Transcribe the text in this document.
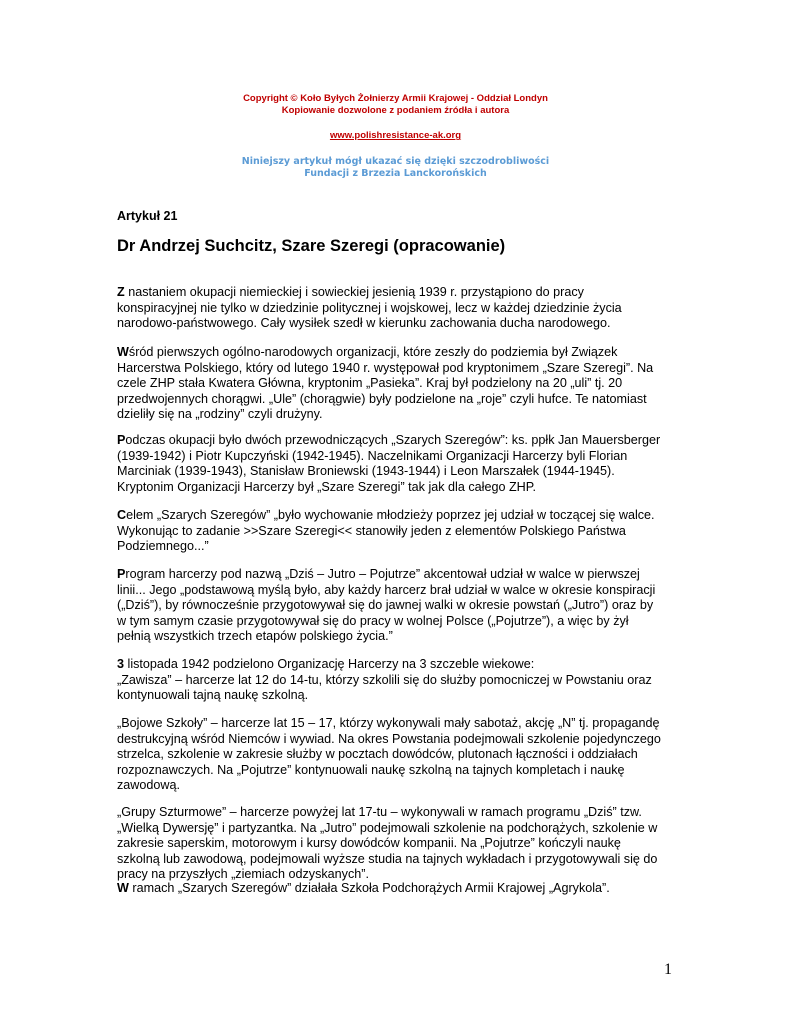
Copyright © Koło Byłych Żołnierzy Armii Krajowej - Oddział Londyn
Kopiowanie dozwolone z podaniem źródła i autora
www.polishresistance-ak.org
Niniejszy artykuł mógł ukazać się dzięki szczodrobliwości
Fundacji z Brzezia Lanckorońskich
Artykuł 21
Dr Andrzej Suchcitz, Szare Szeregi (opracowanie)

Z nastaniem okupacji niemieckiej i sowieckiej jesienią 1939 r. przystąpiono do pracy

konspiracyjnej nie tylko w dziedzinie politycznej i wojskowej, lecz w każdej dziedzinie życia

narodowo-państwowego. Cały wysiłek szedł w kierunku zachowania ducha narodowego.

Wśród pierwszych ogólno-narodowych organizacji, które zeszły do podziemia był Związek

Harcerstwa Polskiego, który od lutego 1940 r. występował pod kryptonimem „Szare Szeregi”. Na

czele ZHP stała Kwatera Główna, kryptonim „Pasieka”. Kraj był podzielony na 20 „uli” tj. 20

przedwojennych chorągwi. „Ule” (chorągwie) były podzielone na „roje” czyli hufce. Te natomiast

dzieliły się na „rodziny” czyli drużyny.

Podczas okupacji było dwóch przewodniczących „Szarych Szeregów”: ks. ppłk Jan Mauersberger

(1939-1942) i Piotr Kupczyński (1942-1945). Naczelnikami Organizacji Harcerzy byli Florian

Marciniak (1939-1943), Stanisław Broniewski (1943-1944) i Leon Marszałek (1944-1945).

Kryptonim Organizacji Harcerzy był „Szare Szeregi” tak jak dla całego ZHP.

Celem „Szarych Szeregów” „było wychowanie młodzieży poprzez jej udział w toczącej się walce.

Wykonując to zadanie >>Szare Szeregi<< stanowiły jeden z elementów Polskiego Państwa

Podziemnego...”

Program harcerzy pod nazwą „Dziś – Jutro – Pojutrze” akcentował udział w walce w pierwszej

linii... Jego „podstawową myślą było, aby każdy harcerz brał udział w walce w okresie konspiracji

(„Dziś”), by równocześnie przygotowywał się do jawnej walki w okresie powstań („Jutro”) oraz by

w tym samym czasie przygotowywał się do pracy w wolnej Polsce („Pojutrze”), a więc by żył

pełnią wszystkich trzech etapów polskiego życia.”

3 listopada 1942 podzielono Organizację Harcerzy na 3 szczeble wiekowe:

„Zawisza” – harcerze lat 12 do 14-tu, którzy szkolili się do służby pomocniczej w Powstaniu oraz

kontynuowali tajną naukę szkolną.

„Bojowe Szkoły” – harcerze lat 15 – 17, którzy wykonywali mały sabotaż, akcję „N” tj. propagandę

destrukcyjną wśród Niemców i wywiad. Na okres Powstania podejmowali szkolenie pojedynczego

strzelca, szkolenie w zakresie służby w pocztach dowódców, plutonach łączności i oddziałach

rozpoznawczych. Na „Pojutrze” kontynuowali naukę szkolną na tajnych kompletach i naukę

zawodową.

„Grupy Szturmowe” – harcerze powyżej lat 17-tu – wykonywali w ramach programu „Dziś” tzw.

„Wielką Dywersję” i partyzantka. Na „Jutro” podejmowali szkolenie na podchorążych, szkolenie w

zakresie saperskim, motorowym i kursy dowódców kompanii. Na „Pojutrze” kończyli naukę

szkolną lub zawodową, podejmowali wyższe studia na tajnych wykładach i przygotowywali się do

pracy na przyszłych „ziemiach odzyskanych”.

W ramach „Szarych Szeregów” działała Szkoła Podchorążych Armii Krajowej „Agrykola”.

1
